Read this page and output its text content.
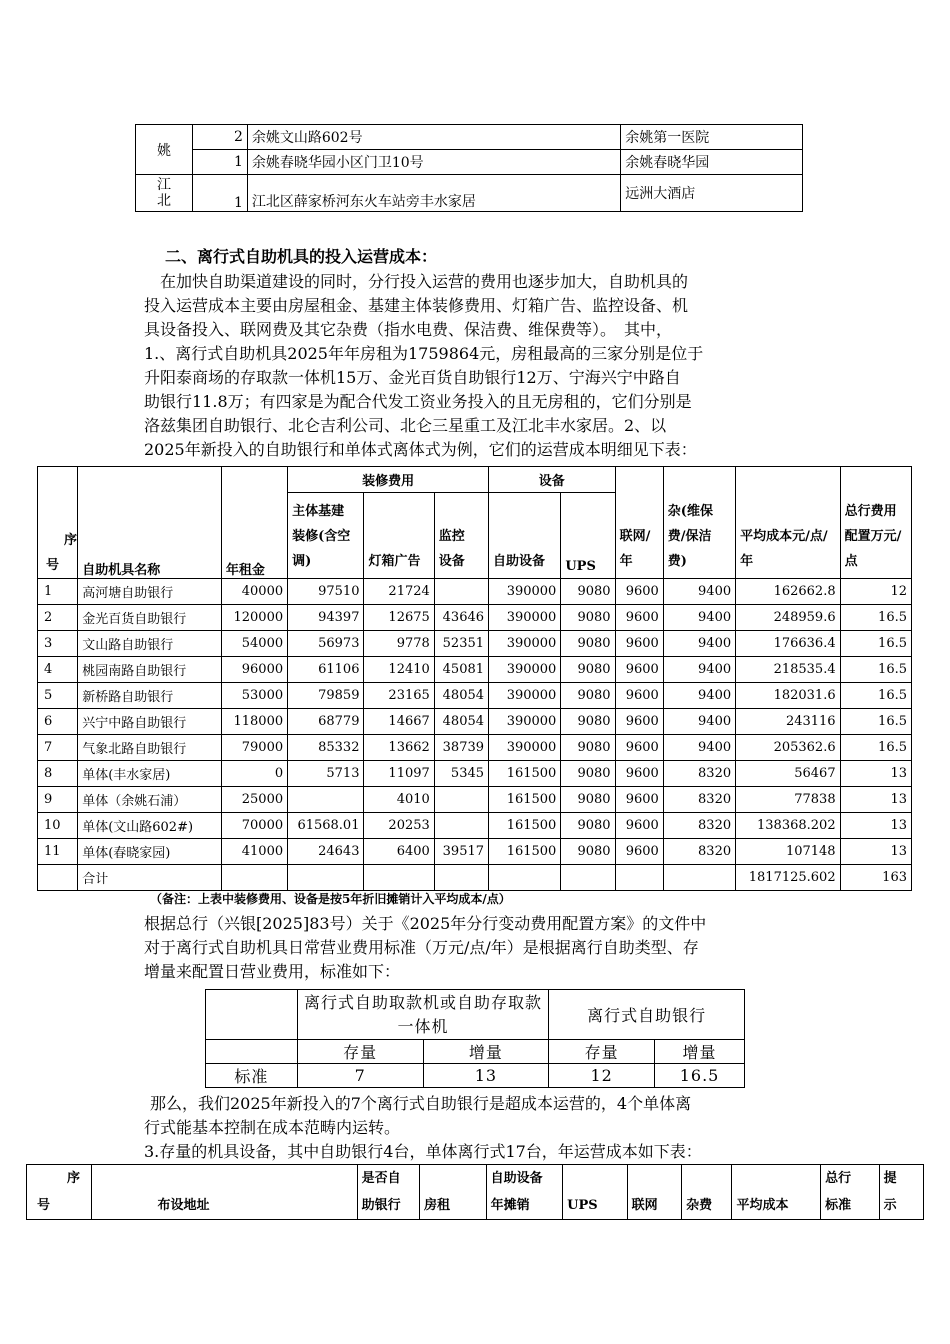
姚	2	余姚文山路602号	余姚第一医院
	1	余姚春晓华园小区门卫10号	余姚春晓华园
江北	1	江北区薛家桥河东火车站旁丰水家居	远洲大酒店
二、离行式自助机具的投入运营成本：
在加快自助渠道建设的同时，分行投入运营的费用也逐步加大，自助机具的
投入运营成本主要由房屋租金、基建主体装修费用、灯箱广告、监控设备、机
具设备投入、联网费及其它杂费（指水电费、保洁费、维保费等）。　其中，
1.、离行式自助机具2025年年房租为1759864元，房租最高的三家分别是位于
升阳泰商场的存取款一体机15万、金光百货自助银行12万、宁海兴宁中路自
助银行11.8万；有四家是为配合代发工资业务投入的且无房租的，它们分别是
洛兹集团自助银行、北仑吉利公司、北仑三星重工及江北丰水家居。2、以
2025年新投入的自助银行和单体式离体式为例，它们的运营成本明细见下表：
序
号	自助机具名称	年租金	装修费用			设备		联网/年	杂(维保费/保洁费)	平均成本元/点/年	总行费用配置万元/点
			主体基建装修(含空调)	灯箱广告	监控设备	自助设备	UPS				
1	高河塘自助银行	40000	97510	21724		390000	9080	9600	9400	162662.8	12
2	金光百货自助银行	120000	94397	12675	43646	390000	9080	9600	9400	248959.6	16.5
3	文山路自助银行	54000	56973	9778	52351	390000	9080	9600	9400	176636.4	16.5
4	桃园南路自助银行	96000	61106	12410	45081	390000	9080	9600	9400	218535.4	16.5
5	新桥路自助银行	53000	79859	23165	48054	390000	9080	9600	9400	182031.6	16.5
6	兴宁中路自助银行	118000	68779	14667	48054	390000	9080	9600	9400	243116	16.5
7	气象北路自助银行	79000	85332	13662	38739	390000	9080	9600	9400	205362.6	16.5
8	单体(丰水家居)	0	5713	11097	5345	161500	9080	9600	8320	56467	13
9	单体（余姚石浦）	25000		4010		161500	9080	9600	8320	77838	13
10	单体(文山路602#)	70000	61568.01	20253		161500	9080	9600	8320	138368.202	13
11	单体(春晓家园)	41000	24643	6400	39517	161500	9080	9600	8320	107148	13
	合计									1817125.602	163

（备注：上表中装修费用、设备是按5年折旧摊销计入平均成本/点）

根据总行（兴银[2025]83号）关于《2025年分行变动费用配置方案》的文件中
对于离行式自助机具日常营业费用标准（万元/点/年）是根据离行自助类型、存
增量来配置日营业费用，标准如下：
	离行式自助取款机或自助存取款一体机		离行式自助银行	
	存量	增量	存量	增量
标准	7	13	12	16.5
那么，我们2025年新投入的7个离行式自助银行是超成本运营的，4个单体离
行式能基本控制在成本范畴内运转。
3.存量的机具设备，其中自助银行4台，单体离行式17台，年运营成本如下表：
序
号	布设地址	是否自助银行	房租	自助设备年摊销	UPS	联网	杂费	平均成本	总行标准	提示
